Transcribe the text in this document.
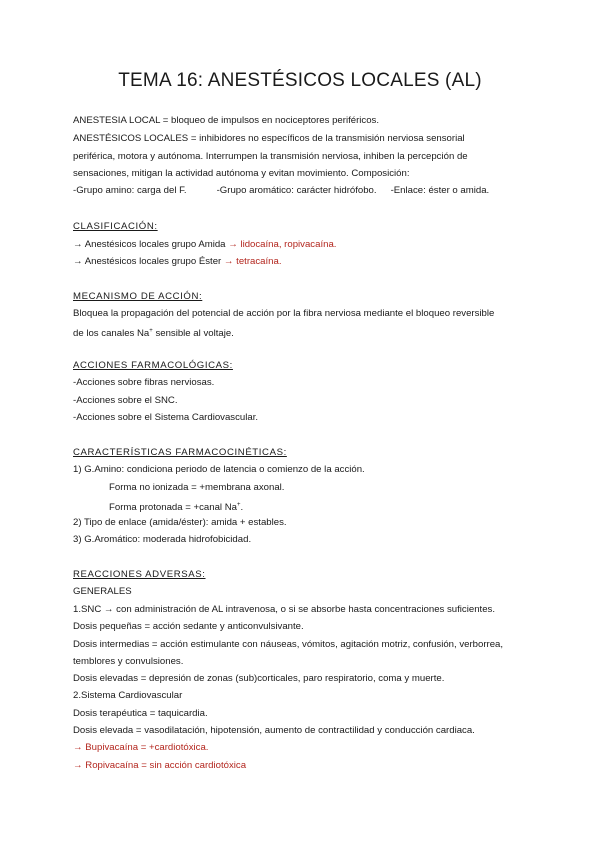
TEMA 16: ANESTÉSICOS LOCALES (AL)
ANESTESIA LOCAL = bloqueo de impulsos en nociceptores periféricos.
ANESTÉSICOS LOCALES = inhibidores no específicos de la transmisión nerviosa sensorial
periférica, motora y autónoma. Interrumpen la transmisión nerviosa, inhiben la percepción de
sensaciones, mitigan la actividad autónoma y evitan movimiento. Composición:
-Grupo amino: carga del F.	-Grupo aromático: carácter hidrófobo. -Enlace: éster o amida.
CLASIFICACIÓN:
→ Anestésicos locales grupo Amida → lidocaína, ropivacaína.
→ Anestésicos locales grupo Éster → tetracaína.
MECANISMO DE ACCIÓN:
Bloquea la propagación del potencial de acción por la fibra nerviosa mediante el bloqueo reversible
de los canales Na+ sensible al voltaje.
ACCIONES FARMACOLÓGICAS:
-Acciones sobre fibras nerviosas.
-Acciones sobre el SNC.
-Acciones sobre el Sistema Cardiovascular.
CARACTERÍSTICAS FARMACOCINÉTICAS:
1) G.Amino: condiciona periodo de latencia o comienzo de la acción.
Forma no ionizada = +membrana axonal.
Forma protonada = +canal Na+.
2) Tipo de enlace (amida/éster): amida + estables.
3) G.Aromático: moderada hidrofobicidad.
REACCIONES ADVERSAS:
GENERALES
1.SNC → con administración de AL intravenosa, o si se absorbe hasta concentraciones suficientes.
Dosis pequeñas = acción sedante y anticonvulsivante.
Dosis intermedias = acción estimulante con náuseas, vómitos, agitación motriz, confusión, verborrea,
temblores y convulsiones.
Dosis elevadas = depresión de zonas (sub)corticales, paro respiratorio, coma y muerte.
2.Sistema Cardiovascular
Dosis terapéutica = taquicardia.
Dosis elevada = vasodilatación, hipotensión, aumento de contractilidad y conducción cardiaca.
→ Bupivacaína = +cardiotóxica.
→ Ropivacaína = sin acción cardiotóxica
